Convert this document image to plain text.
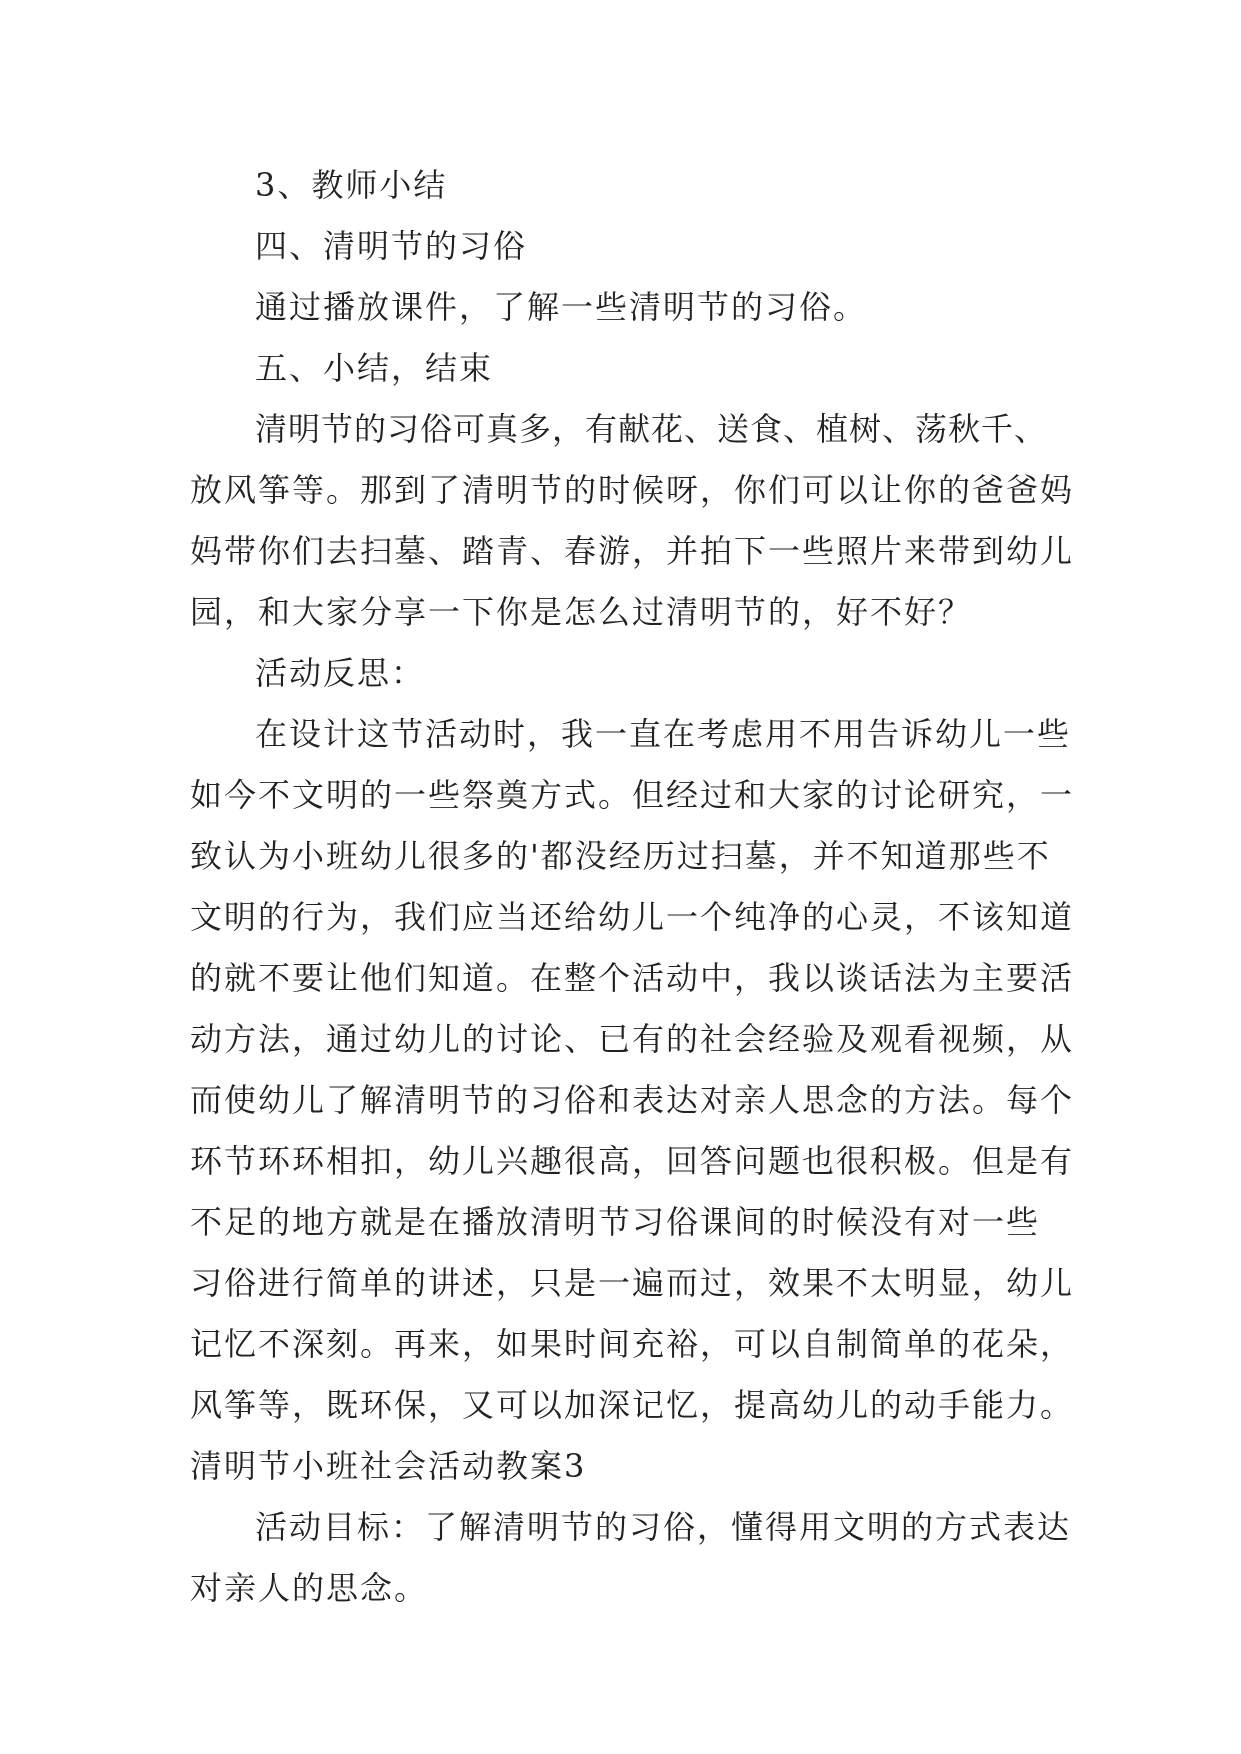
3、教师小结
四、清明节的习俗
通过播放课件，了解一些清明节的习俗。
五、小结，结束
清明节的习俗可真多，有献花、送食、植树、荡秋千、
放风筝等。那到了清明节的时候呀，你们可以让你的爸爸妈
妈带你们去扫墓、踏青、春游，并拍下一些照片来带到幼儿
园，和大家分享一下你是怎么过清明节的，好不好？
活动反思：
在设计这节活动时，我一直在考虑用不用告诉幼儿一些
如今不文明的一些祭奠方式。但经过和大家的讨论研究，一
致认为小班幼儿很多的'都没经历过扫墓，并不知道那些不
文明的行为，我们应当还给幼儿一个纯净的心灵，不该知道
的就不要让他们知道。在整个活动中，我以谈话法为主要活
动方法，通过幼儿的讨论、已有的社会经验及观看视频，从
而使幼儿了解清明节的习俗和表达对亲人思念的方法。每个
环节环环相扣，幼儿兴趣很高，回答问题也很积极。但是有
不足的地方就是在播放清明节习俗课间的时候没有对一些
习俗进行简单的讲述，只是一遍而过，效果不太明显，幼儿
记忆不深刻。再来，如果时间充裕，可以自制简单的花朵，
风筝等，既环保，又可以加深记忆，提高幼儿的动手能力。
清明节小班社会活动教案3
活动目标：了解清明节的习俗，懂得用文明的方式表达
对亲人的思念。
